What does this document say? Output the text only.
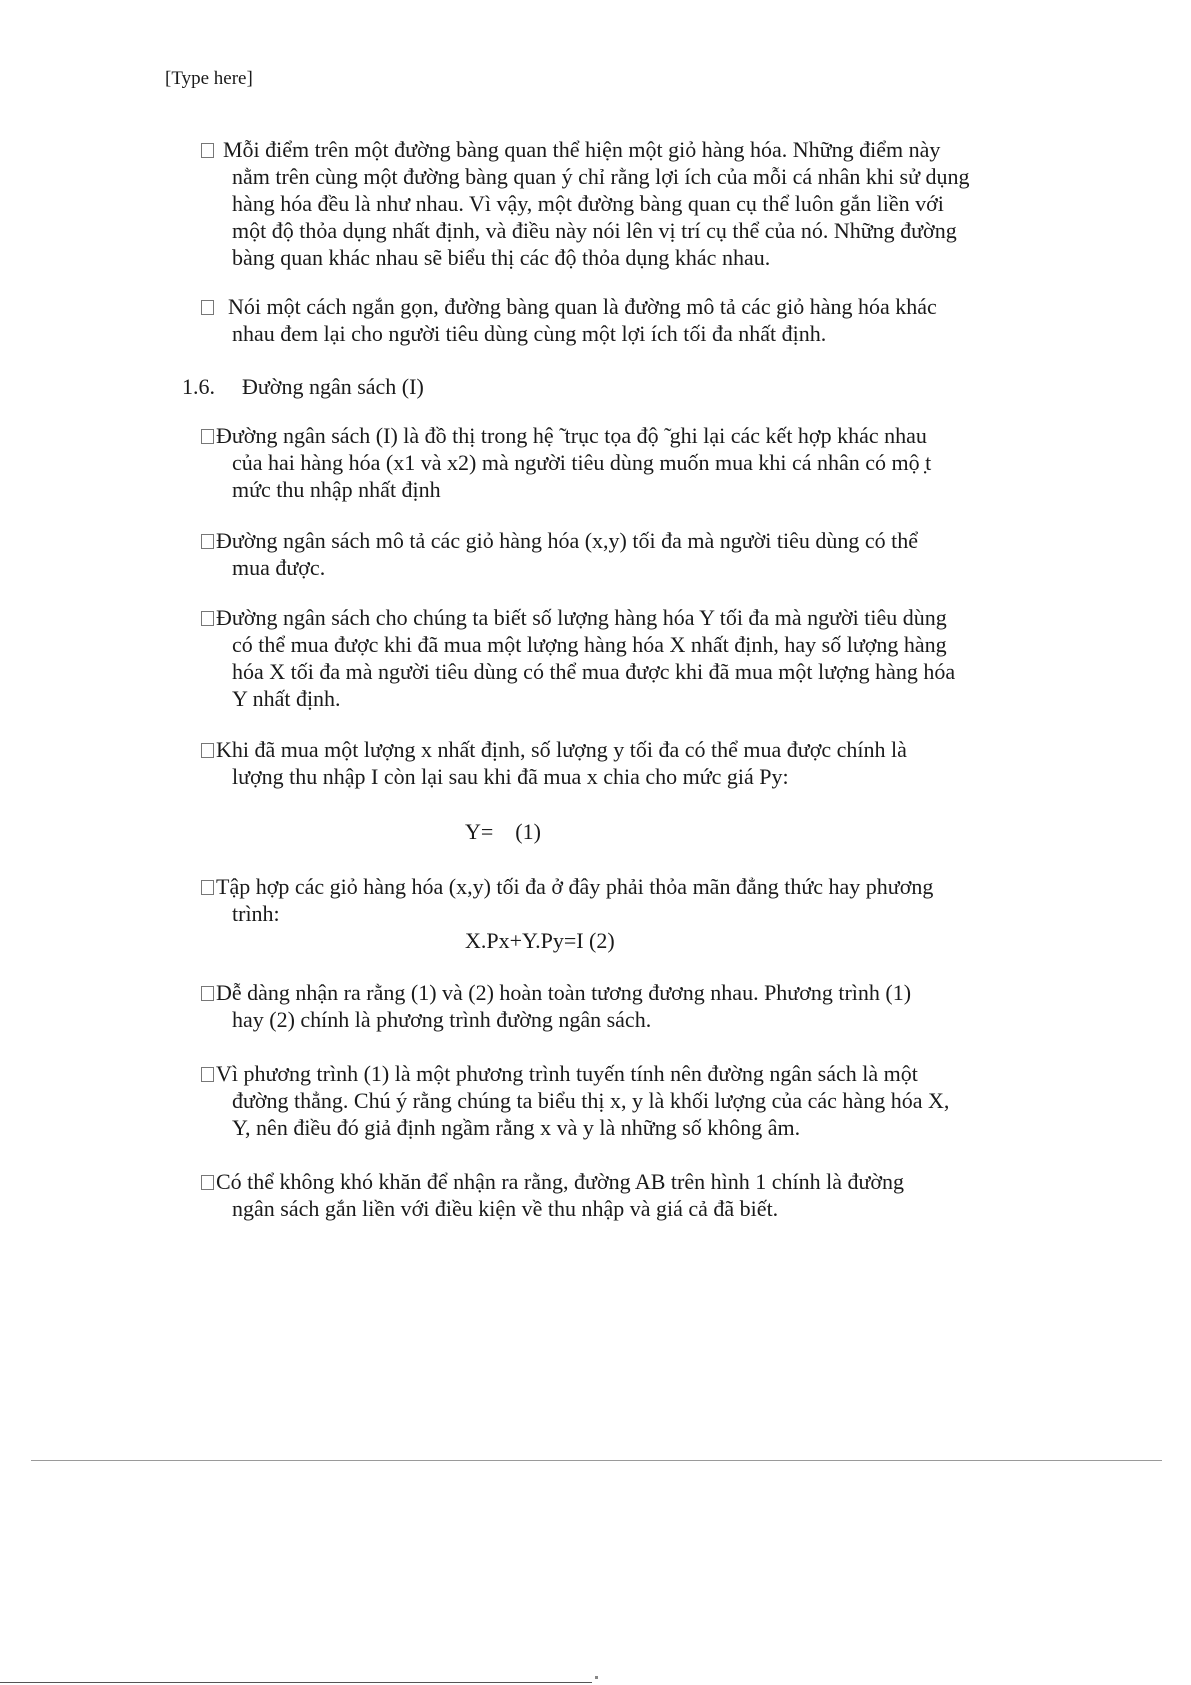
[Type here]
Mỗi điểm trên một đường bàng quan thể hiện một giỏ hàng hóa. Những điểm này
nằm trên cùng một đường bàng quan ý chỉ rằng lợi ích của mỗi cá nhân khi sử dụng
hàng hóa đều là như nhau. Vì vậy, một đường bàng quan cụ thể luôn gắn liền với
một độ thỏa dụng nhất định, và điều này nói lên vị trí cụ thể của nó. Những đường
bàng quan khác nhau sẽ biểu thị các độ thỏa dụng khác nhau.
Nói một cách ngắn gọn, đường bàng quan là đường mô tả các giỏ hàng hóa khác
nhau đem lại cho người tiêu dùng cùng một lợi ích tối đa nhất định.
1.6. Đường ngân sách (I)
Đường ngân sách (I) là đồ thị trong hệ ̃ trục tọa độ ̃ ghi lại các kết hợp khác nhau
của hai hàng hóa (x1 và x2) mà người tiêu dùng muốn mua khi cá nhân có mộ ̣t
mức thu nhập nhất định
Đường ngân sách mô tả các giỏ hàng hóa (x,y) tối đa mà người tiêu dùng có thể
mua được.
Đường ngân sách cho chúng ta biết số lượng hàng hóa Y tối đa mà người tiêu dùng
có thể mua được khi đã mua một lượng hàng hóa X nhất định, hay số lượng hàng
hóa X tối đa mà người tiêu dùng có thể mua được khi đã mua một lượng hàng hóa
Y nhất định.
Khi đã mua một lượng x nhất định, số lượng y tối đa có thể mua được chính là
lượng thu nhập I còn lại sau khi đã mua x chia cho mức giá Py:
Y=    (1)
Tập hợp các giỏ hàng hóa (x,y) tối đa ở đây phải thỏa mãn đẳng thức hay phương
trình:
X.Px+Y.Py=I (2)
Dễ dàng nhận ra rằng (1) và (2) hoàn toàn tương đương nhau. Phương trình (1)
hay (2) chính là phương trình đường ngân sách.
Vì phương trình (1) là một phương trình tuyến tính nên đường ngân sách là một
đường thẳng. Chú ý rằng chúng ta biểu thị x, y là khối lượng của các hàng hóa X,
Y, nên điều đó giả định ngầm rằng x và y là những số không âm.
Có thể không khó khăn để nhận ra rằng, đường AB trên hình 1 chính là đường
ngân sách gắn liền với điều kiện về thu nhập và giá cả đã biết.
